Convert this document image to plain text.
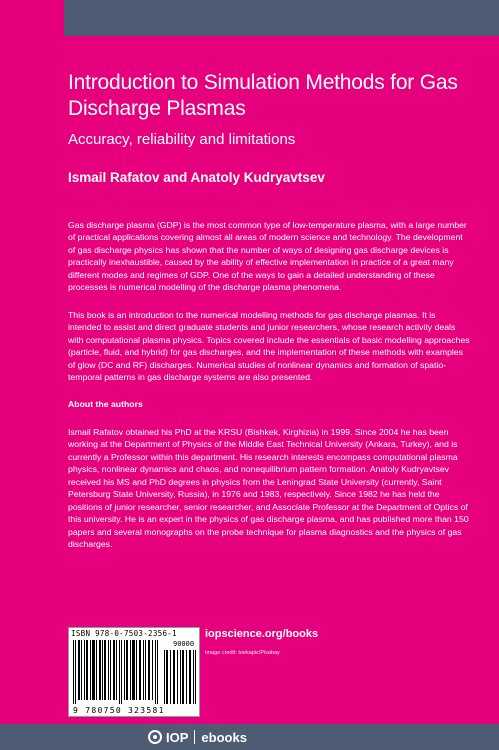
Introduction to Simulation Methods for Gas Discharge Plasmas
Accuracy, reliability and limitations
Ismail Rafatov and Anatoly Kudryavtsev

Gas discharge plasma (GDP) is the most common type of low-temperature plasma, with a large number of practical applications covering almost all areas of modern science and technology. The development of gas discharge physics has shown that the number of ways of designing gas discharge devices is practically inexhaustible, caused by the ability of effective implementation in practice of a great many different modes and regimes of GDP. One of the ways to gain a detailed understanding of these processes is numerical modelling of the discharge plasma phenomena.

This book is an introduction to the numerical modelling methods for gas discharge plasmas. It is intended to assist and direct graduate students and junior researchers, whose research activity deals with computational plasma physics. Topics covered include the essentials of basic modelling approaches (particle, fluid, and hybrid) for gas discharges, and the implementation of these methods with examples of glow (DC and RF) discharges. Numerical studies of nonlinear dynamics and formation of spatio-temporal patterns in gas discharge systems are also presented.

About the authors

Ismail Rafatov obtained his PhD at the KRSU (Bishkek, Kirghizia) in 1999. Since 2004 he has been working at the Department of Physics of the Middle East Technical University (Ankara, Turkey), and is currently a Professor within this department. His research interests encompass computational plasma physics, nonlinear dynamics and chaos, and nonequilibrium pattern formation. Anatoly Kudryavtsev received his MS and PhD degrees in physics from the Leningrad State University (currently, Saint Petersburg State University, Russia), in 1976 and 1983, respectively. Since 1982 he has held the positions of junior researcher, senior researcher, and Associate Professor at the Department of Optics of this university. He is an expert in the physics of gas discharge plasma, and has published more than 150 papers and several monographs on the probe technique for plasma diagnostics and the physics of gas discharges.

ISBN 978-0-7503-2356-1
90000
9 780750 323581
iopscience.org/books
Image credit: toekapic/Pixabay
IOP ebooks
